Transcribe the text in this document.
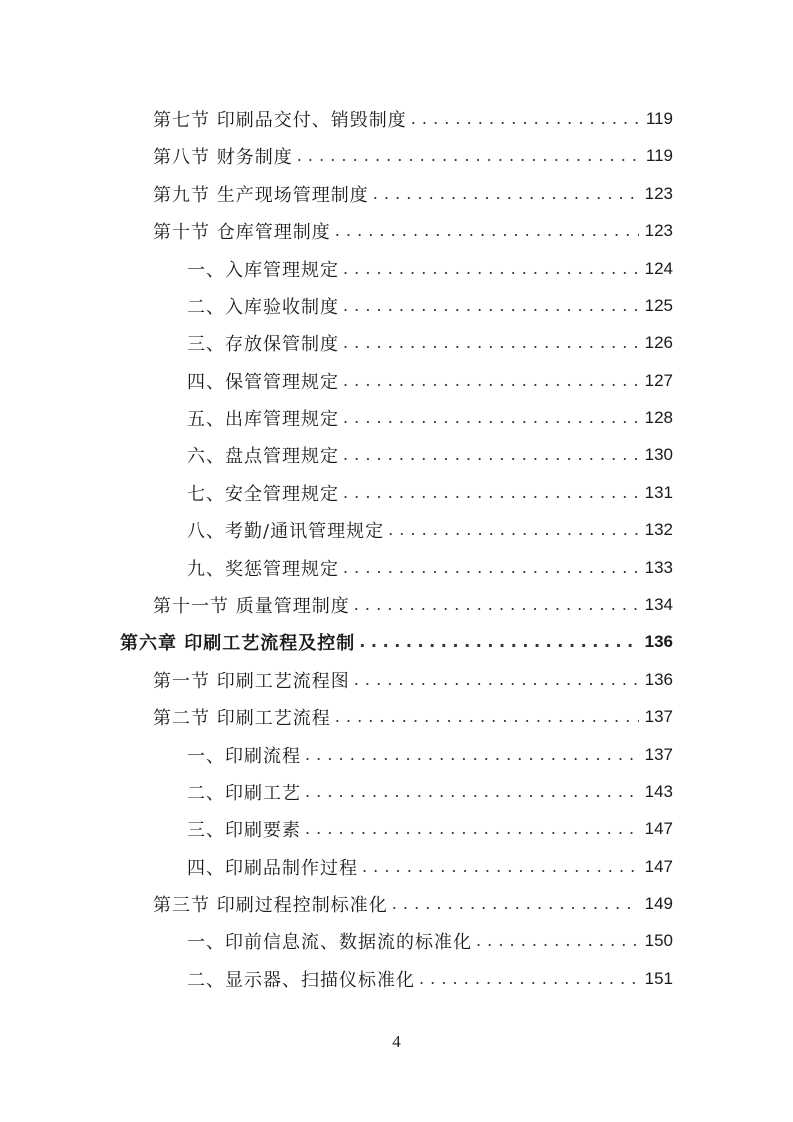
第七节 印刷品交付、销毁制度 . . .	119
第八节 财务制度 . . .	119
第九节 生产现场管理制度 . . .	123
第十节 仓库管理制度 . . .	123
一、入库管理规定 . . .	124
二、入库验收制度 . . .	125
三、存放保管制度 . . .	126
四、保管管理规定 . . .	127
五、出库管理规定 . . .	128
六、盘点管理规定 . . .	130
七、安全管理规定 . . .	131
八、考勤/通讯管理规定 . . .	132
九、奖惩管理规定 . . .	133
第十一节 质量管理制度 . . .	134
第六章 印刷工艺流程及控制 . . .	136
第一节 印刷工艺流程图 . . .	136
第二节 印刷工艺流程 . . .	137
一、印刷流程 . . .	137
二、印刷工艺 . . .	143
三、印刷要素 . . .	147
四、印刷品制作过程 . . .	147
第三节 印刷过程控制标准化 . . .	149
一、印前信息流、数据流的标准化 . . .	150
二、显示器、扫描仪标准化 . . .	151
4
